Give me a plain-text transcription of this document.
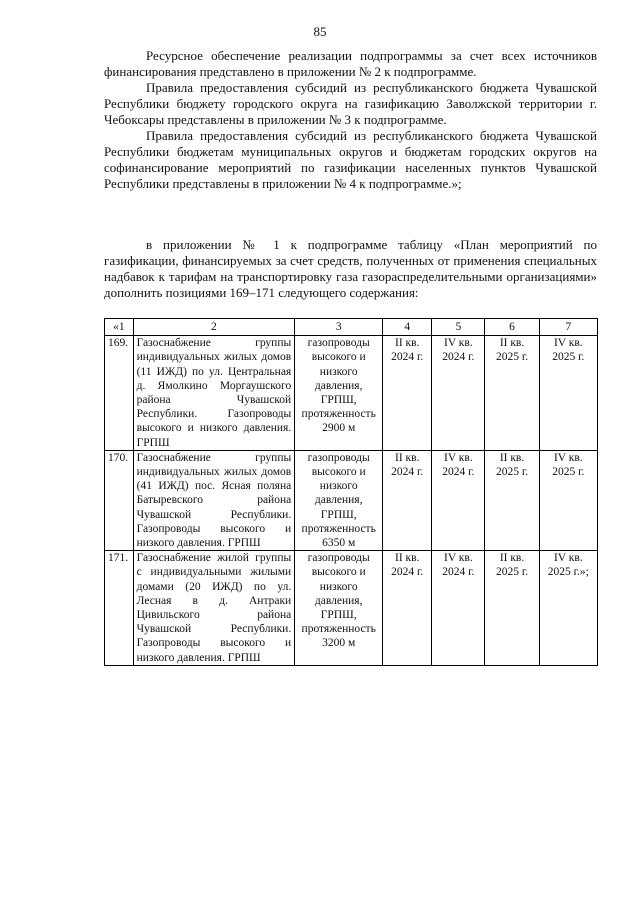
85

Ресурсное обеспечение реализации подпрограммы за счет всех источников финансирования представлено в приложении № 2 к подпрограмме.

Правила предоставления субсидий из республиканского бюджета Чувашской Республики бюджету городского округа на газификацию Заволжской территории г. Чебоксары представлены в приложении № 3 к подпрограмме.

Правила предоставления субсидий из республиканского бюджета Чувашской Республики бюджетам муниципальных округов и бюджетам городских округов на софинансирование мероприятий по газификации населенных пунктов Чувашской Республики представлены в приложении № 4 к подпрограмме.»;

в приложении № 1 к подпрограмме таблицу «План мероприятий по газификации, финансируемых за счет средств, полученных от применения специальных надбавок к тарифам на транспортировку газа газораспределительными организациями» дополнить позициями 169–171 следующего содержания:

«1	2	3	4	5	6	7
169.	Газоснабжение группы индивидуальных жилых домов (11 ИЖД) по ул. Центральная д. Ямолкино Моргаушского района Чувашской Республики. Газопроводы высокого и низкого давления. ГРПШ	газопроводы высокого и низкого давления, ГРПШ, протяженность 2900 м	II кв. 2024 г.	IV кв. 2024 г.	II кв. 2025 г.	IV кв. 2025 г.
170.	Газоснабжение группы индивидуальных жилых домов (41 ИЖД) пос. Ясная поляна Батыревского района Чувашской Республики. Газопроводы высокого и низкого давления. ГРПШ	газопроводы высокого и низкого давления, ГРПШ, протяженность 6350 м	II кв. 2024 г.	IV кв. 2024 г.	II кв. 2025 г.	IV кв. 2025 г.
171.	Газоснабжение жилой группы с индивидуальными жилыми домами (20 ИЖД) по ул. Лесная в д. Антраки Цивильского района Чувашской Республики. Газопроводы высокого и низкого давления. ГРПШ	газопроводы высокого и низкого давления, ГРПШ, протяженность 3200 м	II кв. 2024 г.	IV кв. 2024 г.	II кв. 2025 г.	IV кв. 2025 г.»;
